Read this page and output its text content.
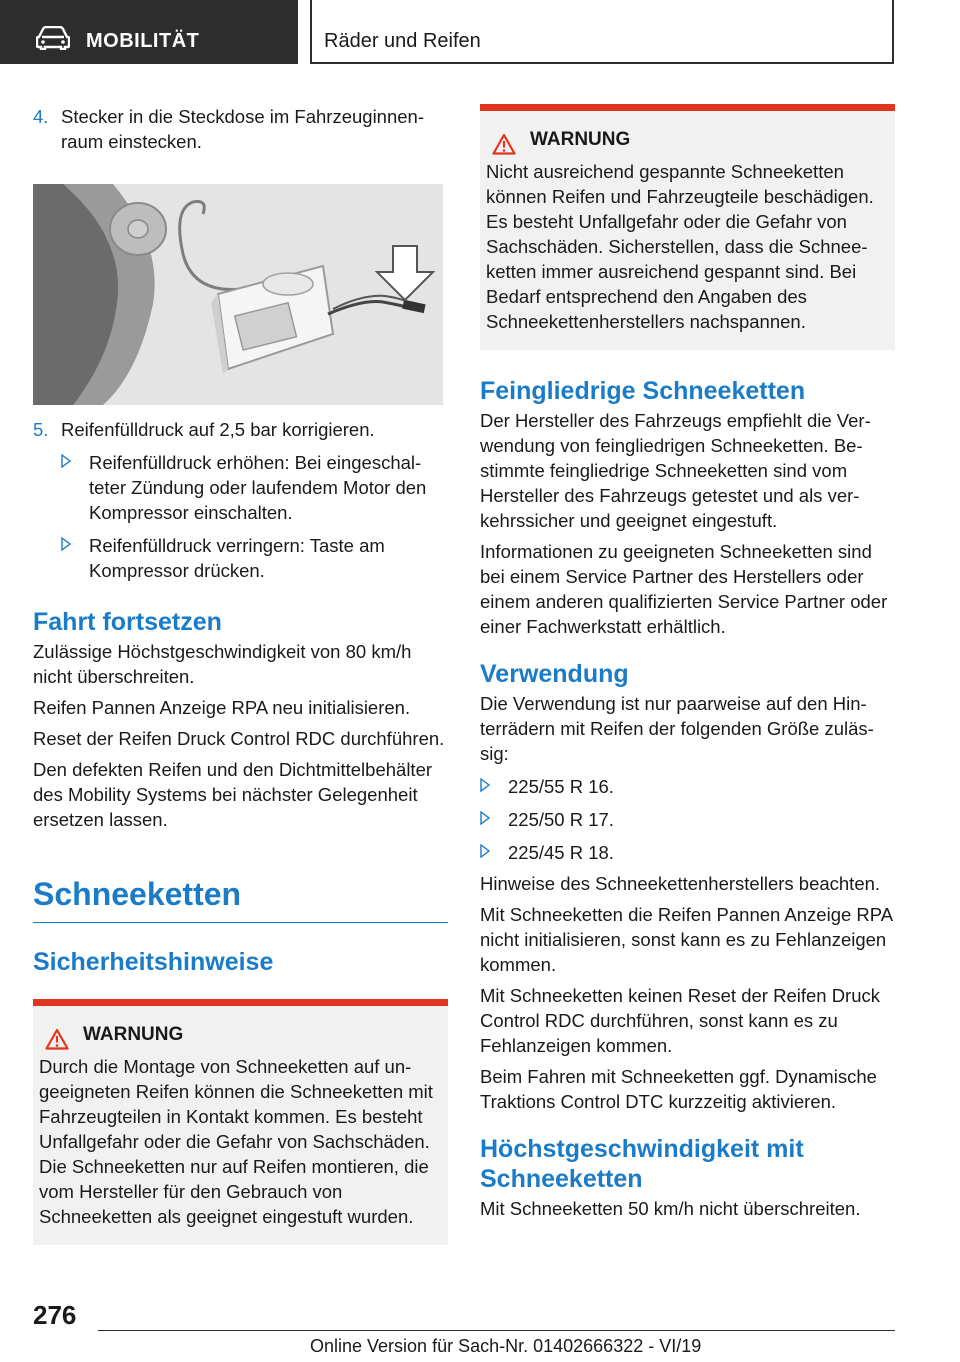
MOBILITÄT	Räder und Reifen
4. Stecker in die Steckdose im Fahrzeuginnenraum einstecken.
5. Reifenfülldruck auf 2,5 bar korrigieren.
Reifenfülldruck erhöhen: Bei eingeschalteter Zündung oder laufendem Motor den Kompressor einschalten.
Reifenfülldruck verringern: Taste am Kompressor drücken.
Fahrt fortsetzen

Zulässige Höchstgeschwindigkeit von 80 km/h nicht überschreiten.

Reifen Pannen Anzeige RPA neu initialisieren.

Reset der Reifen Druck Control RDC durchführen.

Den defekten Reifen und den Dichtmittelbehälter des Mobility Systems bei nächster Gelegenheit ersetzen lassen.

Schneeketten
Sicherheitshinweise
WARNUNG
Durch die Montage von Schneeketten auf ungeeigneten Reifen können die Schneeketten mit Fahrzeugteilen in Kontakt kommen. Es besteht Unfallgefahr oder die Gefahr von Sachschäden. Die Schneeketten nur auf Reifen montieren, die vom Hersteller für den Gebrauch von Schneeketten als geeignet eingestuft wurden.
WARNUNG
Nicht ausreichend gespannte Schneeketten können Reifen und Fahrzeugteile beschädigen. Es besteht Unfallgefahr oder die Gefahr von Sachschäden. Sicherstellen, dass die Schneeketten immer ausreichend gespannt sind. Bei Bedarf entsprechend den Angaben des Schneekettenherstellers nachspannen.
Feingliedrige Schneeketten

Der Hersteller des Fahrzeugs empfiehlt die Verwendung von feingliedrigen Schneeketten. Bestimmte feingliedrige Schneeketten sind vom Hersteller des Fahrzeugs getestet und als verkehrssicher und geeignet eingestuft.

Informationen zu geeigneten Schneeketten sind bei einem Service Partner des Herstellers oder einem anderen qualifizierten Service Partner oder einer Fachwerkstatt erhältlich.

Verwendung

Die Verwendung ist nur paarweise auf den Hinterrädern mit Reifen der folgenden Größe zulässig:

225/55 R 16.
225/50 R 17.
225/45 R 18.

Hinweise des Schneekettenherstellers beachten.

Mit Schneeketten die Reifen Pannen Anzeige RPA nicht initialisieren, sonst kann es zu Fehlanzeigen kommen.

Mit Schneeketten keinen Reset der Reifen Druck Control RDC durchführen, sonst kann es zu Fehlanzeigen kommen.

Beim Fahren mit Schneeketten ggf. Dynamische Traktions Control DTC kurzzeitig aktivieren.

Höchstgeschwindigkeit mit Schneeketten

Mit Schneeketten 50 km/h nicht überschreiten.

276
Online Version für Sach-Nr. 01402666322 - VI/19
